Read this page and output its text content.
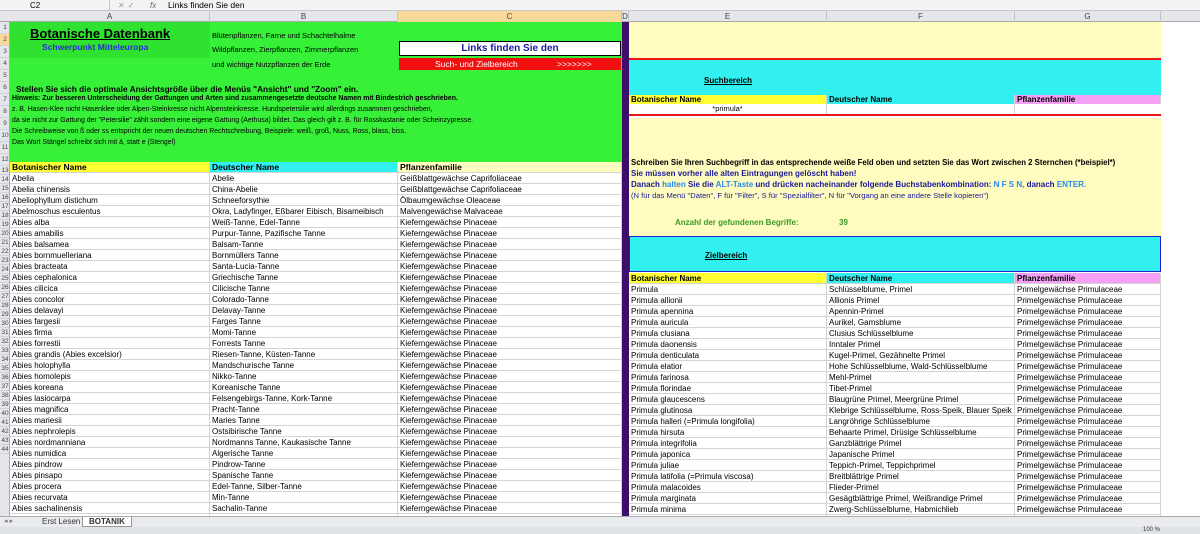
C2	✕✓ fx Links finden Sie den
A	B	C	D	E	F	G
1
2
3
4
5
6
7
8
9
10
11
12
13
14
15
16
17
18
19
20
21
22
23
24
25
26
27
28
29
30
31
32
33
34
35
36
37
38
39
40
41
42
43
44
Botanische Datenbank
Schwerpunkt Mitteleuropa
Blütenpflanzen, Farne und Schachtelhalme
Wildpflanzen, Zierpflanzen, Zimmerpflanzen
und wichtige Nutzpflanzen der Erde
Links finden Sie den
Such- und Zielbereich	>>>>>>>
Stellen Sie sich die optimale Ansichtsgröße über die Menüs "Ansicht" und "Zoom" ein.
Hinweis: Zur besseren Unterscheidung der Gattungen und Arten sind zusammengesetzte deutsche Namen mit Bindestrich geschrieben.
z. B. Hasen-Klee nicht Hasenklee oder Alpen-Steinkresse nicht Alpensteinkresse. Hundspetersilie wird allerdings zusammen geschrieben,
da sie nicht zur Gattung der "Petersilie" zählt sondern eine eigene Gattung (Aethusa) bildet. Das gleich gilt z. B. für Rosskastanie oder Scheinzypresse.
Die Schreibweise von ß oder ss entspricht der neuen deutschen Rechtschreibung, Beispiele: weiß, groß, Nuss, Ross, blass, biss.
Das Wort Stängel schreibt sich mit ä, statt e (Stengel)
Botanischer Name	Deutscher Name	Pflanzenfamilie
Abelia	Abelie	Geißblattgewächse Caprifoliaceae
Abelia chinensis	China-Abelie	Geißblattgewächse Caprifoliaceae
Abeliophyllum distichum	Schneeforsythie	Ölbaumgewächse Oleaceae
Abelmoschus esculentus	Okra, Ladyfinger, Eßbarer Eibisch, Bisameibisch	Malvengewächse Malvaceae
Abies alba	Weiß-Tanne, Edel-Tanne	Kieferngewächse Pinaceae
Abies amabilis	Purpur-Tanne, Pazifische Tanne	Kieferngewächse Pinaceae
Abies balsamea	Balsam-Tanne	Kieferngewächse Pinaceae
Abies bornmuelleriana	Bornmüllers Tanne	Kieferngewächse Pinaceae
Abies bracteata	Santa-Lucia-Tanne	Kieferngewächse Pinaceae
Abies cephalonica	Griechische Tanne	Kieferngewächse Pinaceae
Abies cilicica	Cilicische Tanne	Kieferngewächse Pinaceae
Abies concolor	Colorado-Tanne	Kieferngewächse Pinaceae
Abies delavayi	Delavay-Tanne	Kieferngewächse Pinaceae
Abies fargesii	Farges Tanne	Kieferngewächse Pinaceae
Abies firma	Momi-Tanne	Kieferngewächse Pinaceae
Abies forrestii	Forrests Tanne	Kieferngewächse Pinaceae
Abies grandis (Abies excelsior)	Riesen-Tanne, Küsten-Tanne	Kieferngewächse Pinaceae
Abies holophylla	Mandschurische Tanne	Kieferngewächse Pinaceae
Abies homolepis	Nikko-Tanne	Kieferngewächse Pinaceae
Abies koreana	Koreanische Tanne	Kieferngewächse Pinaceae
Abies lasiocarpa	Felsengebirgs-Tanne, Kork-Tanne	Kieferngewächse Pinaceae
Abies magnifica	Pracht-Tanne	Kieferngewächse Pinaceae
Abies mariesii	Maries Tanne	Kieferngewächse Pinaceae
Abies nephrolepis	Ostsibirische Tanne	Kieferngewächse Pinaceae
Abies nordmanniana	Nordmanns Tanne, Kaukasische Tanne	Kieferngewächse Pinaceae
Abies numidica	Algerische Tanne	Kieferngewächse Pinaceae
Abies pindrow	Pindrow-Tanne	Kieferngewächse Pinaceae
Abies pinsapo	Spanische Tanne	Kieferngewächse Pinaceae
Abies procera	Edel-Tanne, Silber-Tanne	Kieferngewächse Pinaceae
Abies recurvata	Min-Tanne	Kieferngewächse Pinaceae
Abies sachalinensis	Sachalin-Tanne	Kieferngewächse Pinaceae
Suchbereich
Botanischer Name	Deutscher Name	Pflanzenfamilie
*primula*
Schreiben Sie Ihren Suchbegriff in das entsprechende weiße Feld oben und setzten Sie das Wort zwischen 2 Sternchen (*beispiel*)
Sie müssen vorher alle alten Eintragungen gelöscht haben!
Danach halten Sie die ALT-Taste und drücken nacheinander folgende Buchstabenkombination: N F S N, danach ENTER.
(N für das Menü "Daten", F für "Filter", S für "Spezialfilter", N für "Vorgang an eine andere Stelle kopieren")
Anzahl der gefundenen Begriffe:	39
Zielbereich
Botanischer Name	Deutscher Name	Pflanzenfamilie
Primula	Schlüsselblume, Primel	Primelgewächse Primulaceae
Primula allionii	Allionis Primel	Primelgewächse Primulaceae
Primula apennina	Apennin-Primel	Primelgewächse Primulaceae
Primula auricula	Aurikel, Gamsblume	Primelgewächse Primulaceae
Primula clusiana	Clusius Schlüsselblume	Primelgewächse Primulaceae
Primula daonensis	Inntaler Primel	Primelgewächse Primulaceae
Primula denticulata	Kugel-Primel, Gezähnelte Primel	Primelgewächse Primulaceae
Primula elatior	Hohe Schlüsselblume, Wald-Schlüsselblume	Primelgewächse Primulaceae
Primula farinosa	Mehl-Primel	Primelgewächse Primulaceae
Primula florindae	Tibet-Primel	Primelgewächse Primulaceae
Primula glaucescens	Blaugrüne Primel, Meergrüne Primel	Primelgewächse Primulaceae
Primula glutinosa	Klebrige Schlüsselblume, Ross-Speik, Blauer Speik Primelgewächse Primulaceae
Primula halleri (=Primula longifolia)	Langröhrige Schlüsselblume	Primelgewächse Primulaceae
Primula hirsuta	Behaarte Primel, Drüsige Schlüsselblume	Primelgewächse Primulaceae
Primula integrifolia	Ganzblättrige Primel	Primelgewächse Primulaceae
Primula japonica	Japanische Primel	Primelgewächse Primulaceae
Primula juliae	Teppich-Primel, Teppichprimel	Primelgewächse Primulaceae
Primula latifolia (=Primula viscosa)	Breitblättrige Primel	Primelgewächse Primulaceae
Primula malacoides	Flieder-Primel	Primelgewächse Primulaceae
Primula marginata	Gesägtblättrige Primel, Weißrandige Primel	Primelgewächse Primulaceae
Primula minima	Zwerg-Schlüsselblume, Habmichlieb	Primelgewächse Primulaceae
◂ ▸	Erst Lesen	BOTANIK
100 %
